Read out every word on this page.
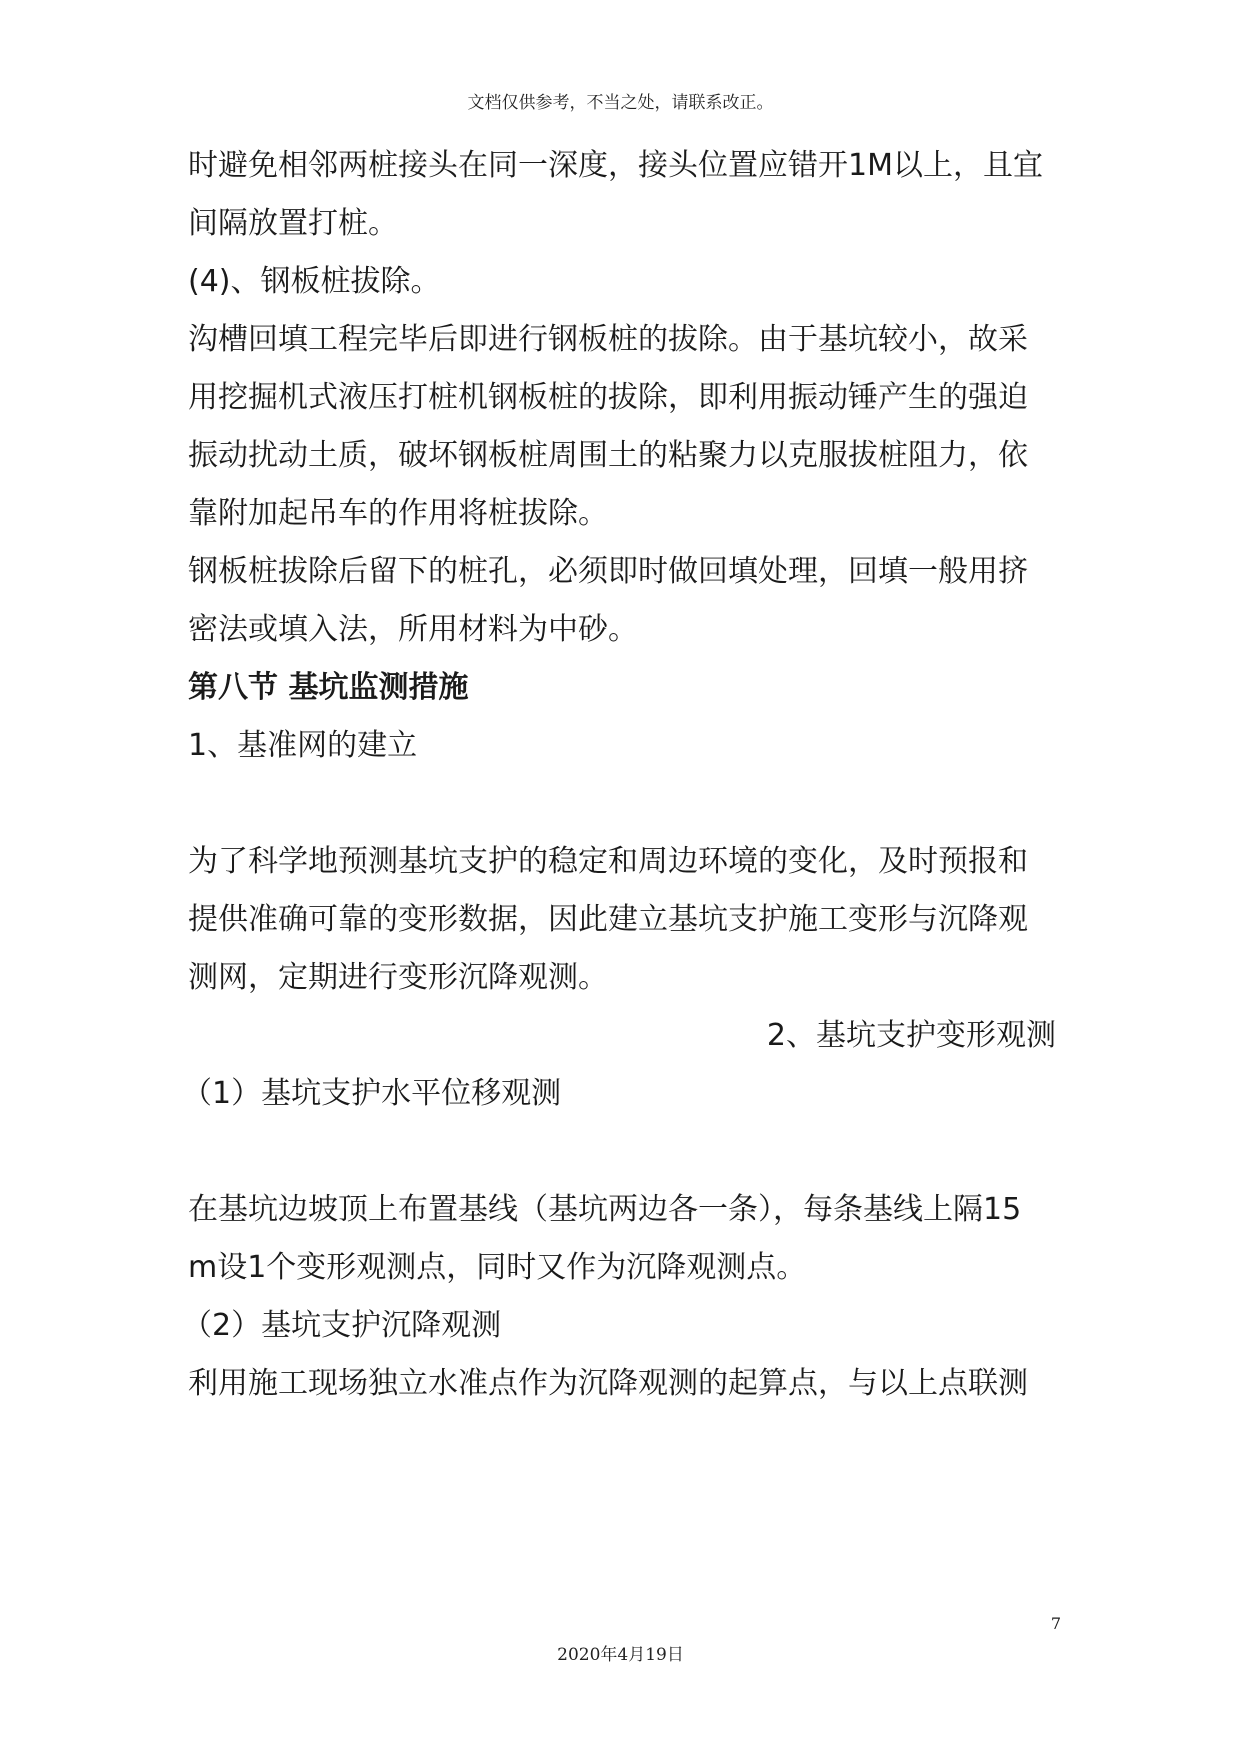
文档仅供参考，不当之处，请联系改正。
时避免相邻两桩接头在同一深度，接头位置应错开1M以上，且宜
间隔放置打桩。
(4)、钢板桩拔除。
沟槽回填工程完毕后即进行钢板桩的拔除。由于基坑较小，故采
用挖掘机式液压打桩机钢板桩的拔除，即利用振动锤产生的强迫
振动扰动土质，破坏钢板桩周围土的粘聚力以克服拔桩阻力，依
靠附加起吊车的作用将桩拔除。
钢板桩拔除后留下的桩孔，必须即时做回填处理，回填一般用挤
密法或填入法，所用材料为中砂。
第八节 基坑监测措施
1、基准网的建立
为了科学地预测基坑支护的稳定和周边环境的变化，及时预报和
提供准确可靠的变形数据，因此建立基坑支护施工变形与沉降观
测网，定期进行变形沉降观测。
2、基坑支护变形观测
（1）基坑支护水平位移观测
在基坑边坡顶上布置基线（基坑两边各一条），每条基线上隔15
m设1个变形观测点，同时又作为沉降观测点。
（2）基坑支护沉降观测
利用施工现场独立水准点作为沉降观测的起算点，与以上点联测
7
2020年4月19日
